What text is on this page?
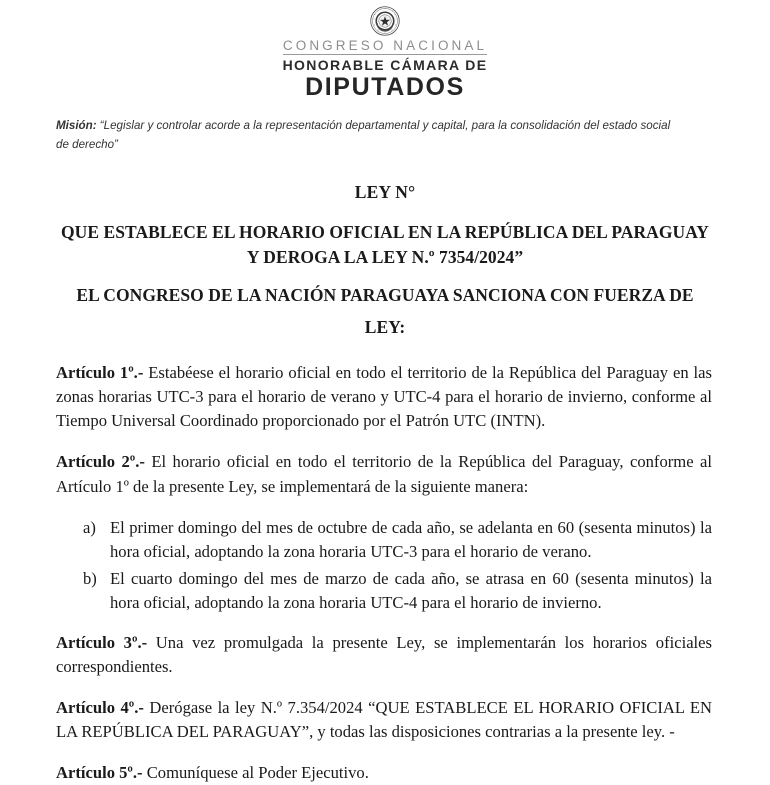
CONGRESO NACIONAL
HONORABLE CÁMARA DE
DIPUTADOS
Misión: “Legislar y controlar acorde a la representación departamental y capital, para la consolidación del estado social de derecho”
LEY N°
QUE ESTABLECE EL HORARIO OFICIAL EN LA REPÚBLICA DEL PARAGUAY Y DEROGA LA LEY N.º 7354/2024”
EL CONGRESO DE LA NACIÓN PARAGUAYA SANCIONA CON FUERZA DE
LEY:

Artículo 1º.- Estabéese el horario oficial en todo el territorio de la República del Paraguay en las zonas horarias UTC-3 para el horario de verano y UTC-4 para el horario de invierno, conforme al Tiempo Universal Coordinado proporcionado por el Patrón UTC (INTN).

Artículo 2º.- El horario oficial en todo el territorio de la República del Paraguay, conforme al Artículo 1º de la presente Ley, se implementará de la siguiente manera:

a) El primer domingo del mes de octubre de cada año, se adelanta en 60 (sesenta minutos) la hora oficial, adoptando la zona horaria UTC-3 para el horario de verano.
b) El cuarto domingo del mes de marzo de cada año, se atrasa en 60 (sesenta minutos) la hora oficial, adoptando la zona horaria UTC-4 para el horario de invierno.

Artículo 3º.- Una vez promulgada la presente Ley, se implementarán los horarios oficiales correspondientes.

Artículo 4º.- Derógase la ley N.º 7.354/2024 “QUE ESTABLECE EL HORARIO OFICIAL EN LA REPÚBLICA DEL PARAGUAY”, y todas las disposiciones contrarias a la presente ley. -

Artículo 5º.- Comuníquese al Poder Ejecutivo.
